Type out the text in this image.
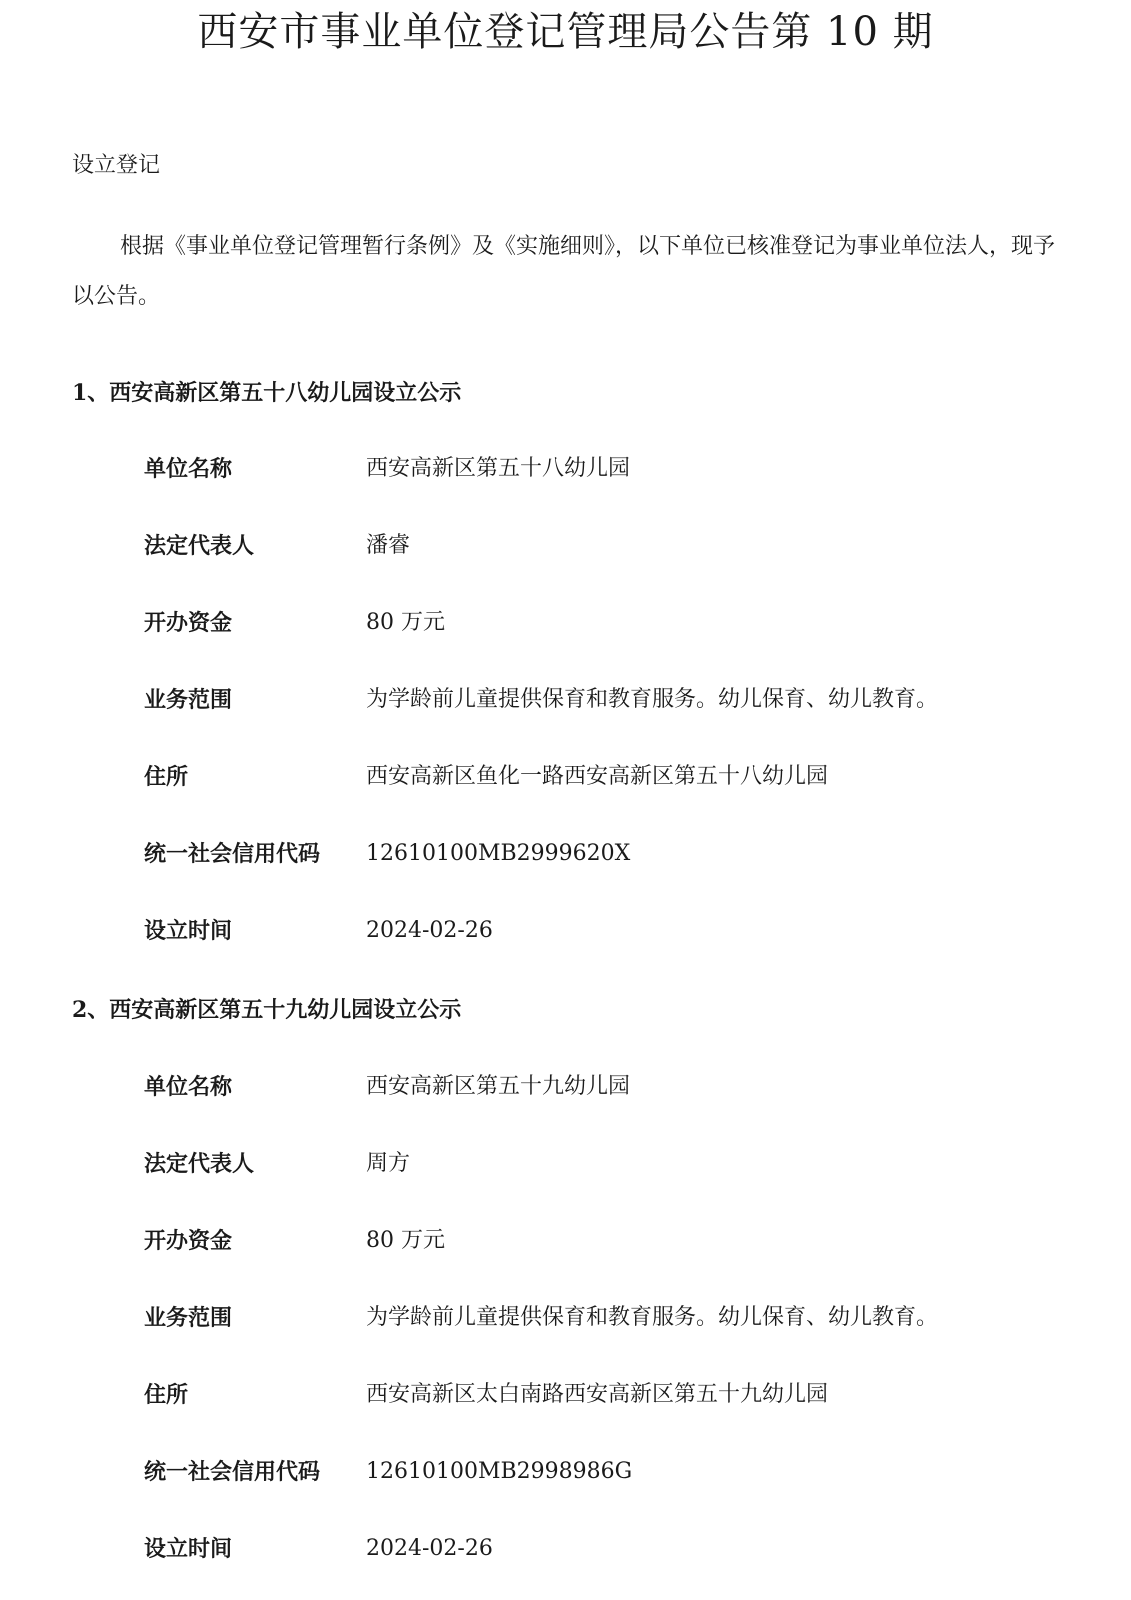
西安市事业单位登记管理局公告第 10 期
设立登记
根据《事业单位登记管理暂行条例》及《实施细则》，以下单位已核准登记为事业单位法人，现予以公告。
1、西安高新区第五十八幼儿园设立公示
单位名称	西安高新区第五十八幼儿园
法定代表人	潘睿
开办资金	80 万元
业务范围	为学龄前儿童提供保育和教育服务。幼儿保育、幼儿教育。
住所	西安高新区鱼化一路西安高新区第五十八幼儿园
统一社会信用代码 12610100MB2999620X
设立时间	2024-02-26
2、西安高新区第五十九幼儿园设立公示
单位名称	西安高新区第五十九幼儿园
法定代表人	周方
开办资金	80 万元
业务范围	为学龄前儿童提供保育和教育服务。幼儿保育、幼儿教育。
住所	西安高新区太白南路西安高新区第五十九幼儿园
统一社会信用代码 12610100MB2998986G
设立时间	2024-02-26
